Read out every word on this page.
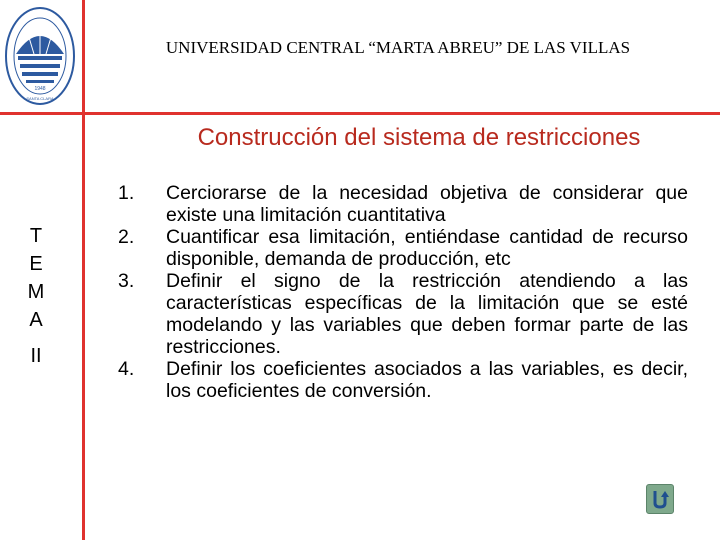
1948
SANTA CLARA
UNIVERSIDAD CENTRAL “MARTA ABREU” DE LAS VILLAS
Construcción del sistema de restricciones
T
E
M
A
II
1.	Cerciorarse de la necesidad objetiva de considerar que existe una limitación cuantitativa
2.	Cuantificar esa limitación, entiéndase cantidad de recurso disponible, demanda de producción, etc
3.	Definir el signo de la restricción atendiendo a las características específicas de la limitación que se esté modelando y las variables que deben formar parte de las restricciones.
4.	Definir los coeficientes asociados a las variables, es decir, los coeficientes de conversión.
